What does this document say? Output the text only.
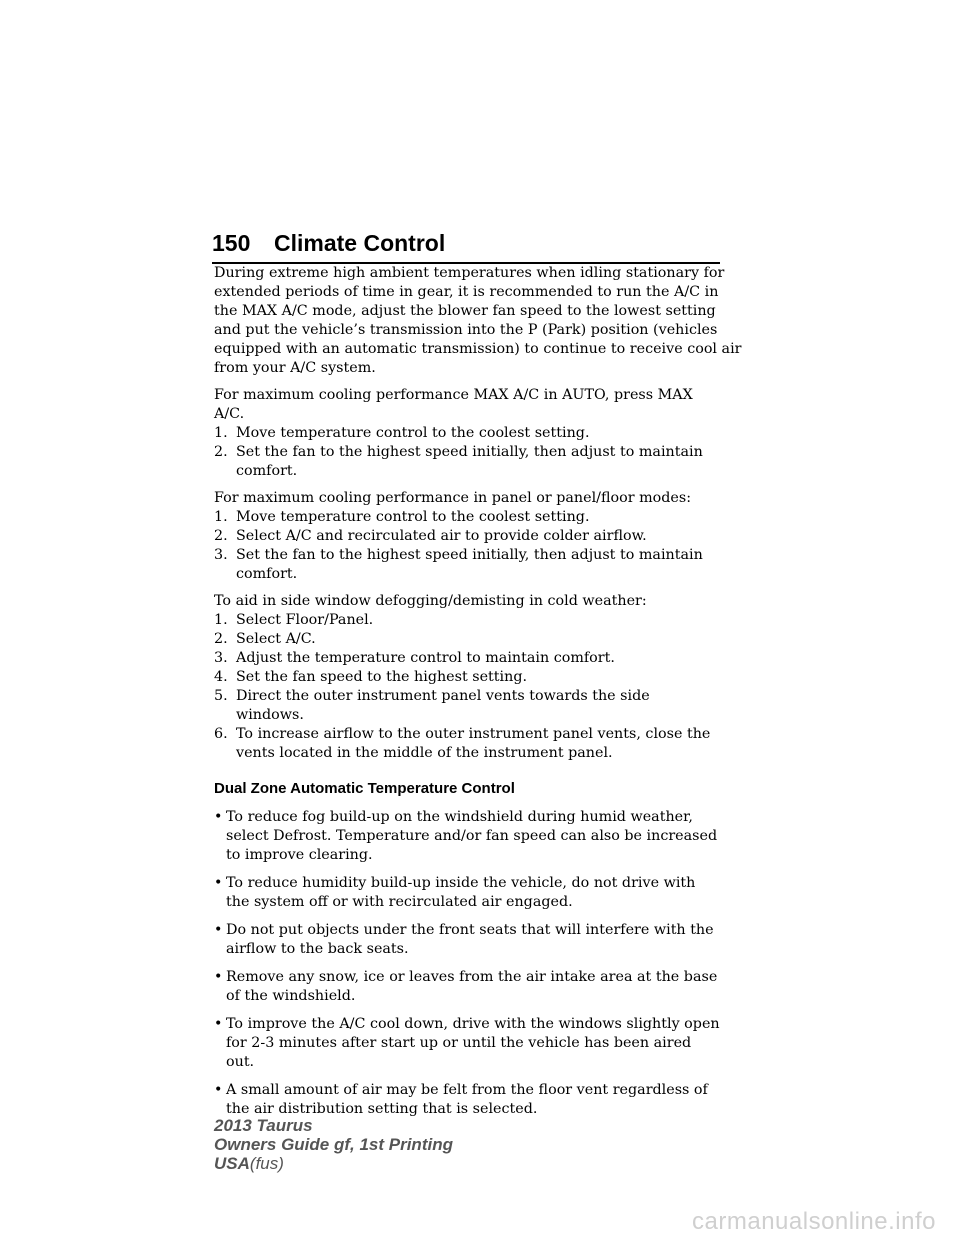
150 Climate Control

During extreme high ambient temperatures when idling stationary for
extended periods of time in gear, it is recommended to run the A/C in
the MAX A/C mode, adjust the blower fan speed to the lowest setting
and put the vehicle’s transmission into the P (Park) position (vehicles
equipped with an automatic transmission) to continue to receive cool air
from your A/C system.

For maximum cooling performance MAX A/C in AUTO, press MAX A/C.
1. Move temperature control to the coolest setting.
2. Set the fan to the highest speed initially, then adjust to maintain comfort.
For maximum cooling performance in panel or panel/floor modes:
1. Move temperature control to the coolest setting.
2. Select A/C and recirculated air to provide colder airflow.
3. Set the fan to the highest speed initially, then adjust to maintain comfort.
To aid in side window defogging/demisting in cold weather:
1. Select Floor/Panel.
2. Select A/C.
3. Adjust the temperature control to maintain comfort.
4. Set the fan speed to the highest setting.
5. Direct the outer instrument panel vents towards the side windows.
6. To increase airflow to the outer instrument panel vents, close the vents located in the middle of the instrument panel.
Dual Zone Automatic Temperature Control
• To reduce fog build-up on the windshield during humid weather, select Defrost. Temperature and/or fan speed can also be increased to improve clearing.
• To reduce humidity build-up inside the vehicle, do not drive with the system off or with recirculated air engaged.
• Do not put objects under the front seats that will interfere with the airflow to the back seats.
• Remove any snow, ice or leaves from the air intake area at the base of the windshield.
• To improve the A/C cool down, drive with the windows slightly open for 2-3 minutes after start up or until the vehicle has been aired out.
• A small amount of air may be felt from the floor vent regardless of the air distribution setting that is selected.
2013 Taurus
Owners Guide gf, 1st Printing
USA(fus)
carmanualsonline.info
